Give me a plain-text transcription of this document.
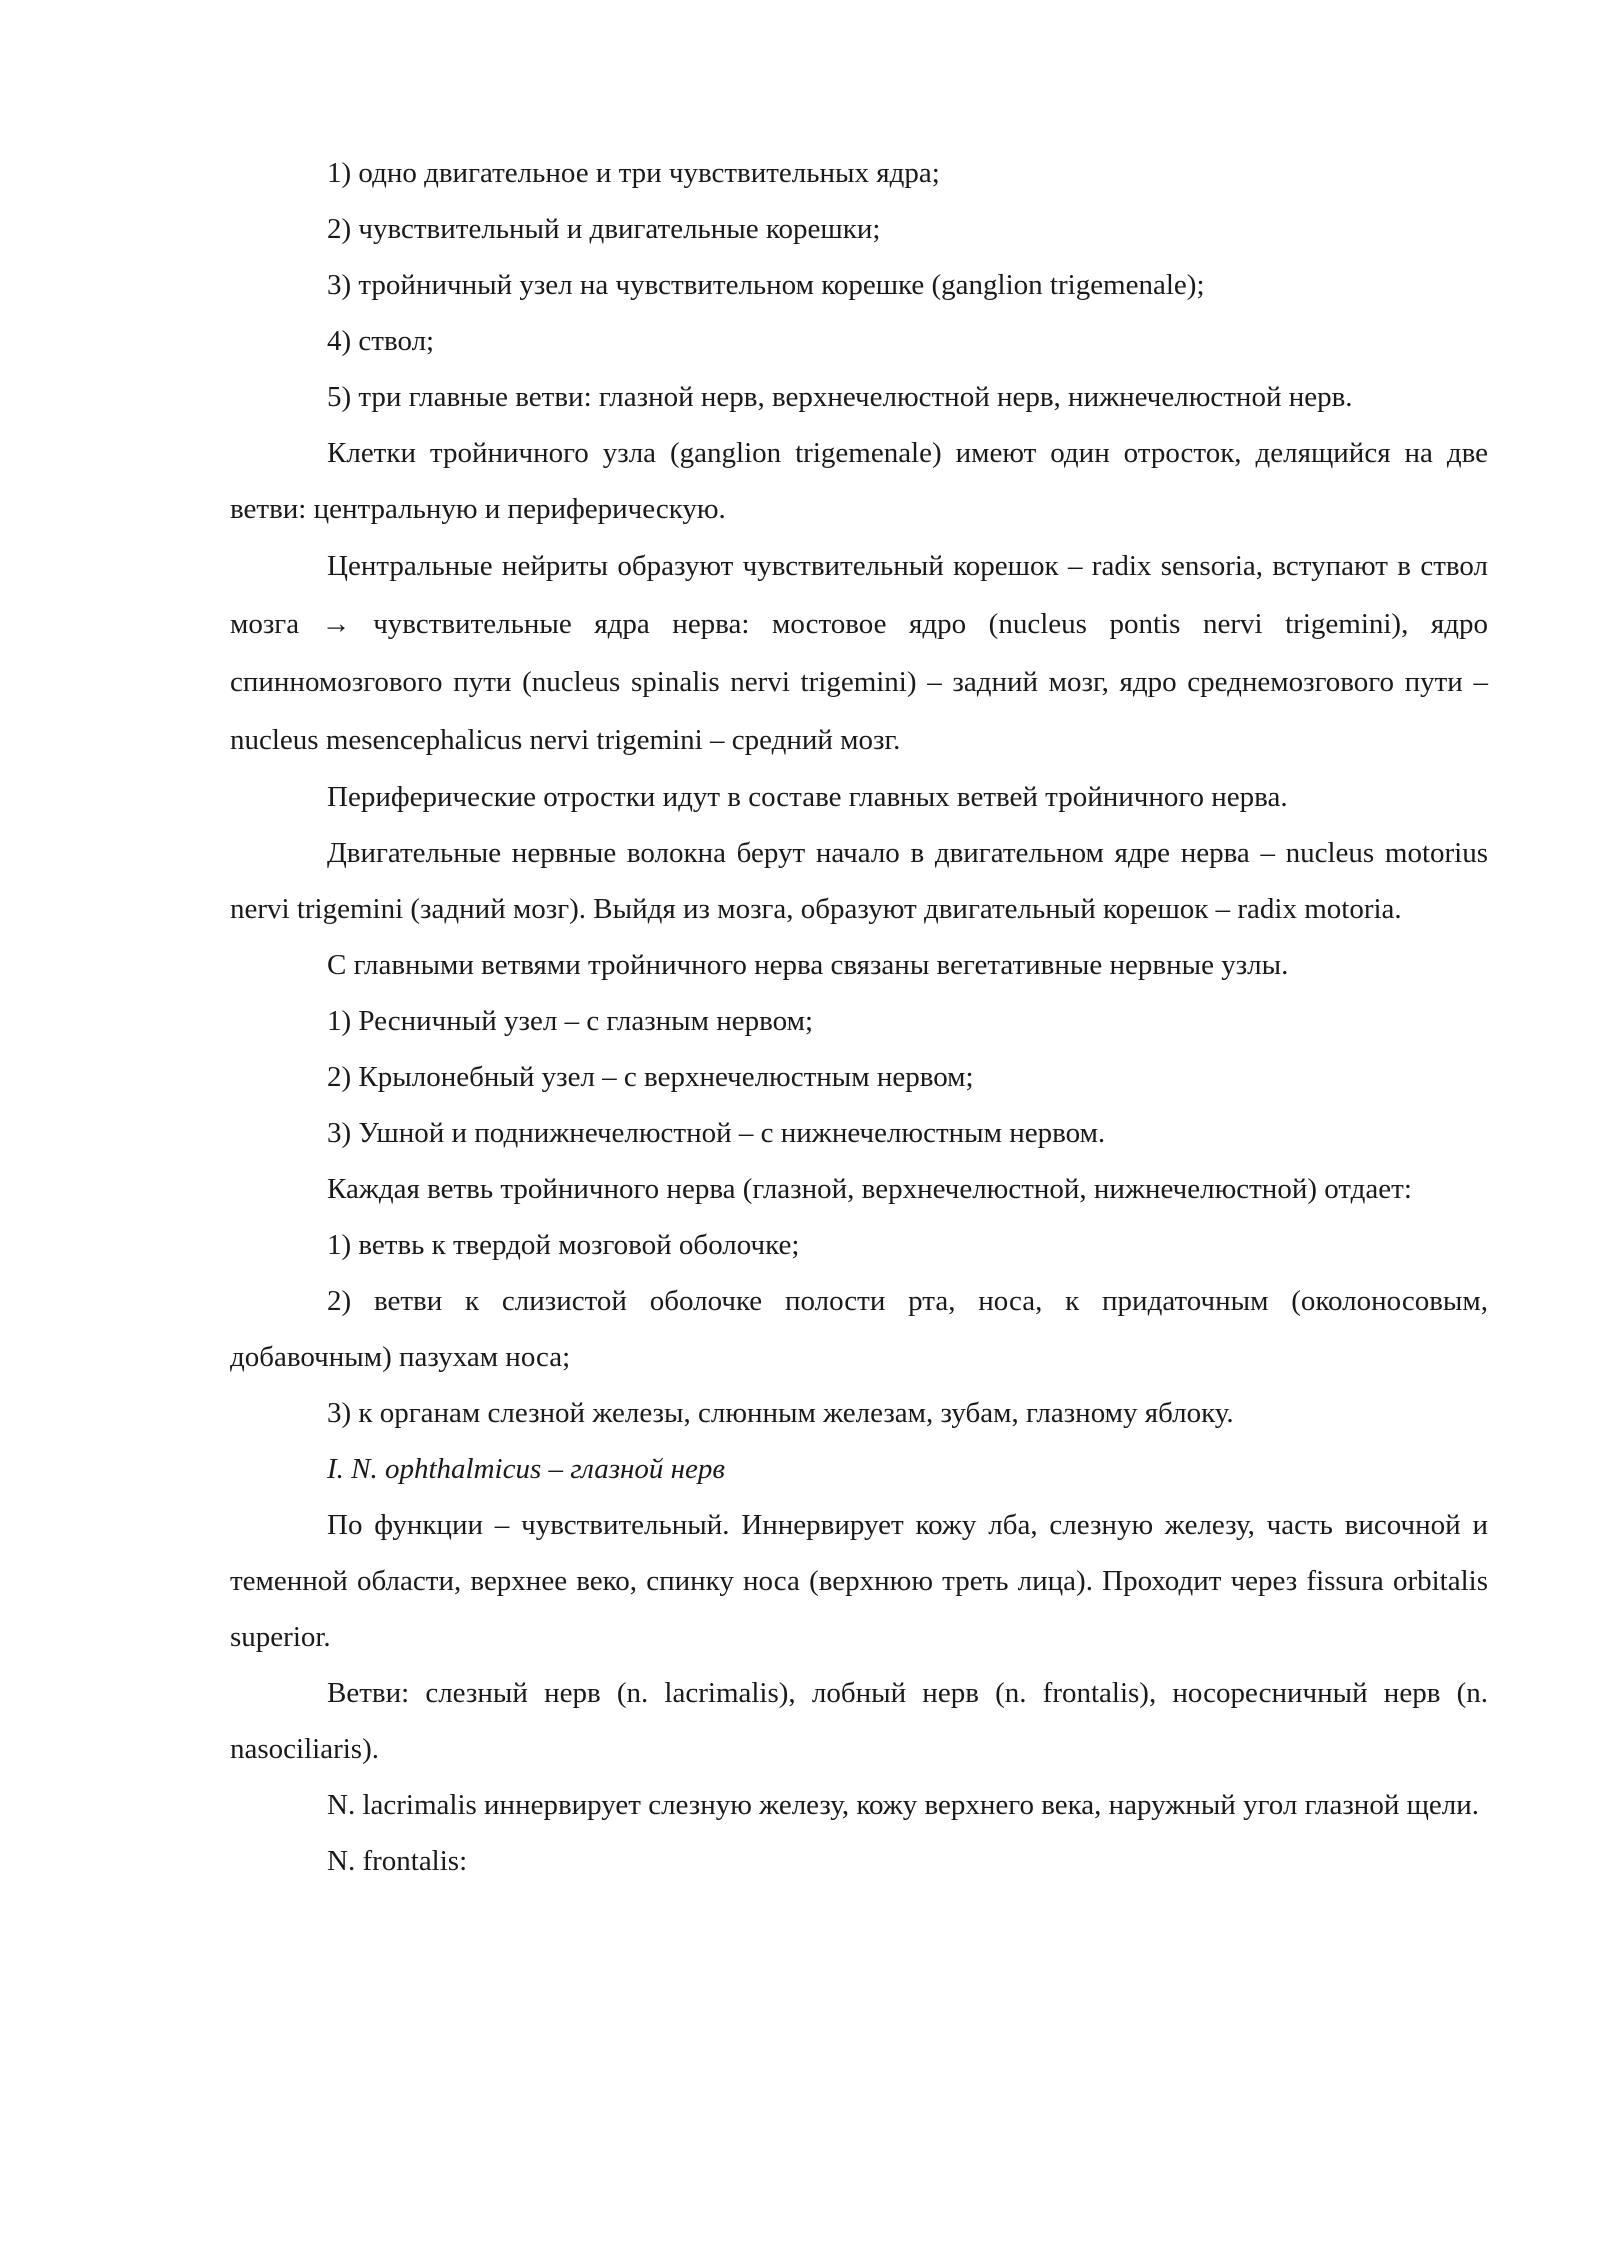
1) одно двигательное и три чувствительных ядра;

2) чувствительный и двигательные корешки;

3) тройничный узел на чувствительном корешке (ganglion trigemenale);

4) ствол;

5) три главные ветви: глазной нерв, верхнечелюстной нерв, нижнечелюстной нерв.

Клетки тройничного узла (ganglion trigemenale) имеют один отросток, делящийся на две ветви: центральную и периферическую.

Центральные нейриты образуют чувствительный корешок – radix sensoria, вступают в ствол мозга → чувствительные ядра нерва: мостовое ядро (nucleus pontis nervi trigemini), ядро спинномозгового пути (nucleus spinalis nervi trigemini) – задний мозг, ядро среднемозгового пути – nucleus mesencephalicus nervi trigemini – средний мозг.

Периферические отростки идут в составе главных ветвей тройничного нерва.

Двигательные нервные волокна берут начало в двигательном ядре нерва – nucleus motorius nervi trigemini (задний мозг). Выйдя из мозга, образуют двигательный корешок – radix motoria.

С главными ветвями тройничного нерва связаны вегетативные нервные узлы.

1) Ресничный узел – с глазным нервом;

2) Крылонебный узел – с верхнечелюстным нервом;

3) Ушной и поднижнечелюстной – с нижнечелюстным нервом.

Каждая ветвь тройничного нерва (глазной, верхнечелюстной, нижнечелюстной) отдает:

1) ветвь к твердой мозговой оболочке;

2) ветви к слизистой оболочке полости рта, носа, к придаточным (околоносовым, добавочным) пазухам носа;

3) к органам слезной железы, слюнным железам, зубам, глазному яблоку.

I. N. ophthalmicus – глазной нерв

По функции – чувствительный. Иннервирует кожу лба, слезную железу, часть височной и теменной области, верхнее веко, спинку носа (верхнюю треть лица). Проходит через fissura orbitalis superior.

Ветви: слезный нерв (n. lacrimalis), лобный нерв (n. frontalis), носоресничный нерв (n. nasociliaris).

N. lacrimalis иннервирует слезную железу, кожу верхнего века, наружный угол глазной щели.

N. frontalis:
